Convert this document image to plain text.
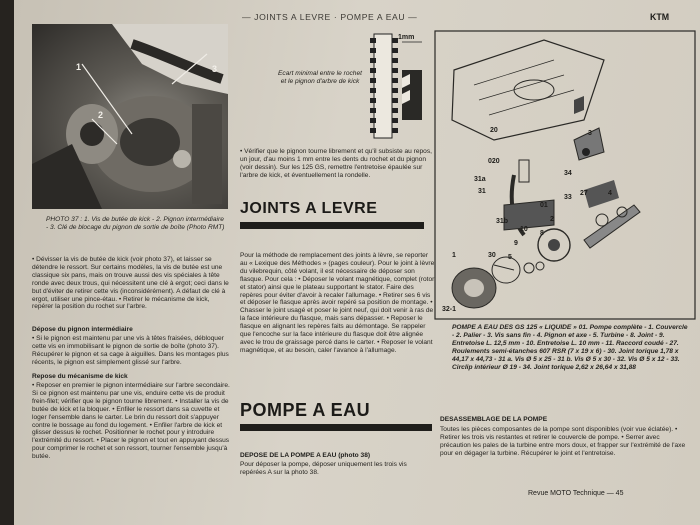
— JOINTS A LEVRE · POMPE A EAU —	KTM
1
2
3
PHOTO 37 : 1. Vis de butée de kick - 2. Pignon intermédiaire - 3. Clé de blocage du pignon de sortie de boîte (Photo RMT)
• Dévisser la vis de butée de kick (voir photo 37), et laisser se détendre le ressort. Sur certains modèles, la vis de butée est une classique six pans, mais on trouve aussi des vis spéciales à tête ronde avec deux trous, qui nécessitent une clé à ergot; ceci dans le but d'éviter de retirer cette vis (inconsidérément). A défaut de clé à ergot, utiliser une pince-étau. • Retirer le mécanisme de kick, repérer la position du rochet sur l'arbre.
Dépose du pignon intermédiaire
• Si le pignon est maintenu par une vis à têtes fraisées, débloquer cette vis en immobilisant le pignon de sortie de boîte (photo 37). Récupérer le pignon et sa cage à aiguilles. Dans les montages plus récents, le pignon est simplement glissé sur l'arbre.
Repose du mécanisme de kick
• Reposer en premier le pignon intermédiaire sur l'arbre secondaire. Si ce pignon est maintenu par une vis, enduire cette vis de produit frein-filet; vérifier que le pignon tourne librement. • Installer la vis de butée de kick et la bloquer. • Enfiler le ressort dans sa cuvette et loger l'ensemble dans le carter. Le brin du ressort doit s'appuyer contre le bossage au fond du logement. • Enfiler l'arbre de kick et glisser dessus le rochet. Positionner le rochet pour y introduire l'extrémité du ressort. • Placer le pignon et tout en appuyant dessus pour comprimer le rochet et son ressort, tourner l'ensemble jusqu'à butée.
1mm
Ecart minimal entre le rochet et le pignon d'arbre de kick
• Vérifier que le pignon tourne librement et qu'il subsiste au repos, un jour, d'au moins 1 mm entre les dents du rochet et du pignon (voir dessin). Sur les 125 GS, remettre l'entretoise épaulée sur l'arbre de kick, et éventuellement la rondelle.
JOINTS A LEVRE
Pour la méthode de remplacement des joints à lèvre, se reporter au « Lexique des Méthodes » (pages couleur). Pour le joint à lèvre du vilebrequin, côté volant, il est nécessaire de déposer son flasque. Pour cela : • Déposer le volant magnétique, complet (rotor et stator) ainsi que le plateau supportant le stator. Faire des repères pour éviter d'avoir à recaler l'allumage. • Retirer ses 6 vis et déposer le flasque après avoir repéré sa position de montage. • Chasser le joint usagé et poser le joint neuf, qui doit venir à ras de la face intérieure du flasque, mais sans dépasser. • Reposer le flasque en alignant les repères faits au démontage. Se rappeler que l'encoche sur la face intérieure du flasque doit être alignée avec le trou de graissage percé dans le carter. • Reposer le volant magnétique, et au besoin, caler l'avance à l'allumage.
POMPE A EAU
DEPOSE DE LA POMPE A EAU (photo 38)
Pour déposer la pompe, déposer uniquement les trois vis repérées A sur la photo 38.
3
20
020
34
31a
31
01
2
27
33
31b
10
8
9
4
1	30 5
32-1
POMPE A EAU DES GS 125 « LIQUIDE » 01. Pompe complète - 1. Couvercle - 2. Palier - 3. Vis sans fin - 4. Pignon et axe - 5. Turbine - 8. Joint - 9. Entretoise L. 12,5 mm - 10. Entretoise L. 10 mm - 11. Raccord coudé - 27. Roulements semi-étanches 607 RSR (7 x 19 x 6) - 30. Joint torique 1,78 x 44,17 x 44,73 - 31 a. Vis Ø 5 x 25 - 31 b. Vis Ø 5 x 30 - 32. Vis Ø 5 x 12 - 33. Circlip intérieur Ø 19 - 34. Joint torique 2,62 x 26,64 x 31,88
DESASSEMBLAGE DE LA POMPE
Toutes les pièces composantes de la pompe sont disponibles (voir vue éclatée). • Retirer les trois vis restantes et retirer le couvercle de pompe. • Serrer avec précaution les pales de la turbine entre mors doux, et frapper sur l'extrémité de l'axe pour en dégager la turbine. Récupérer le joint et l'entretoise.
Revue MOTO Technique — 45
